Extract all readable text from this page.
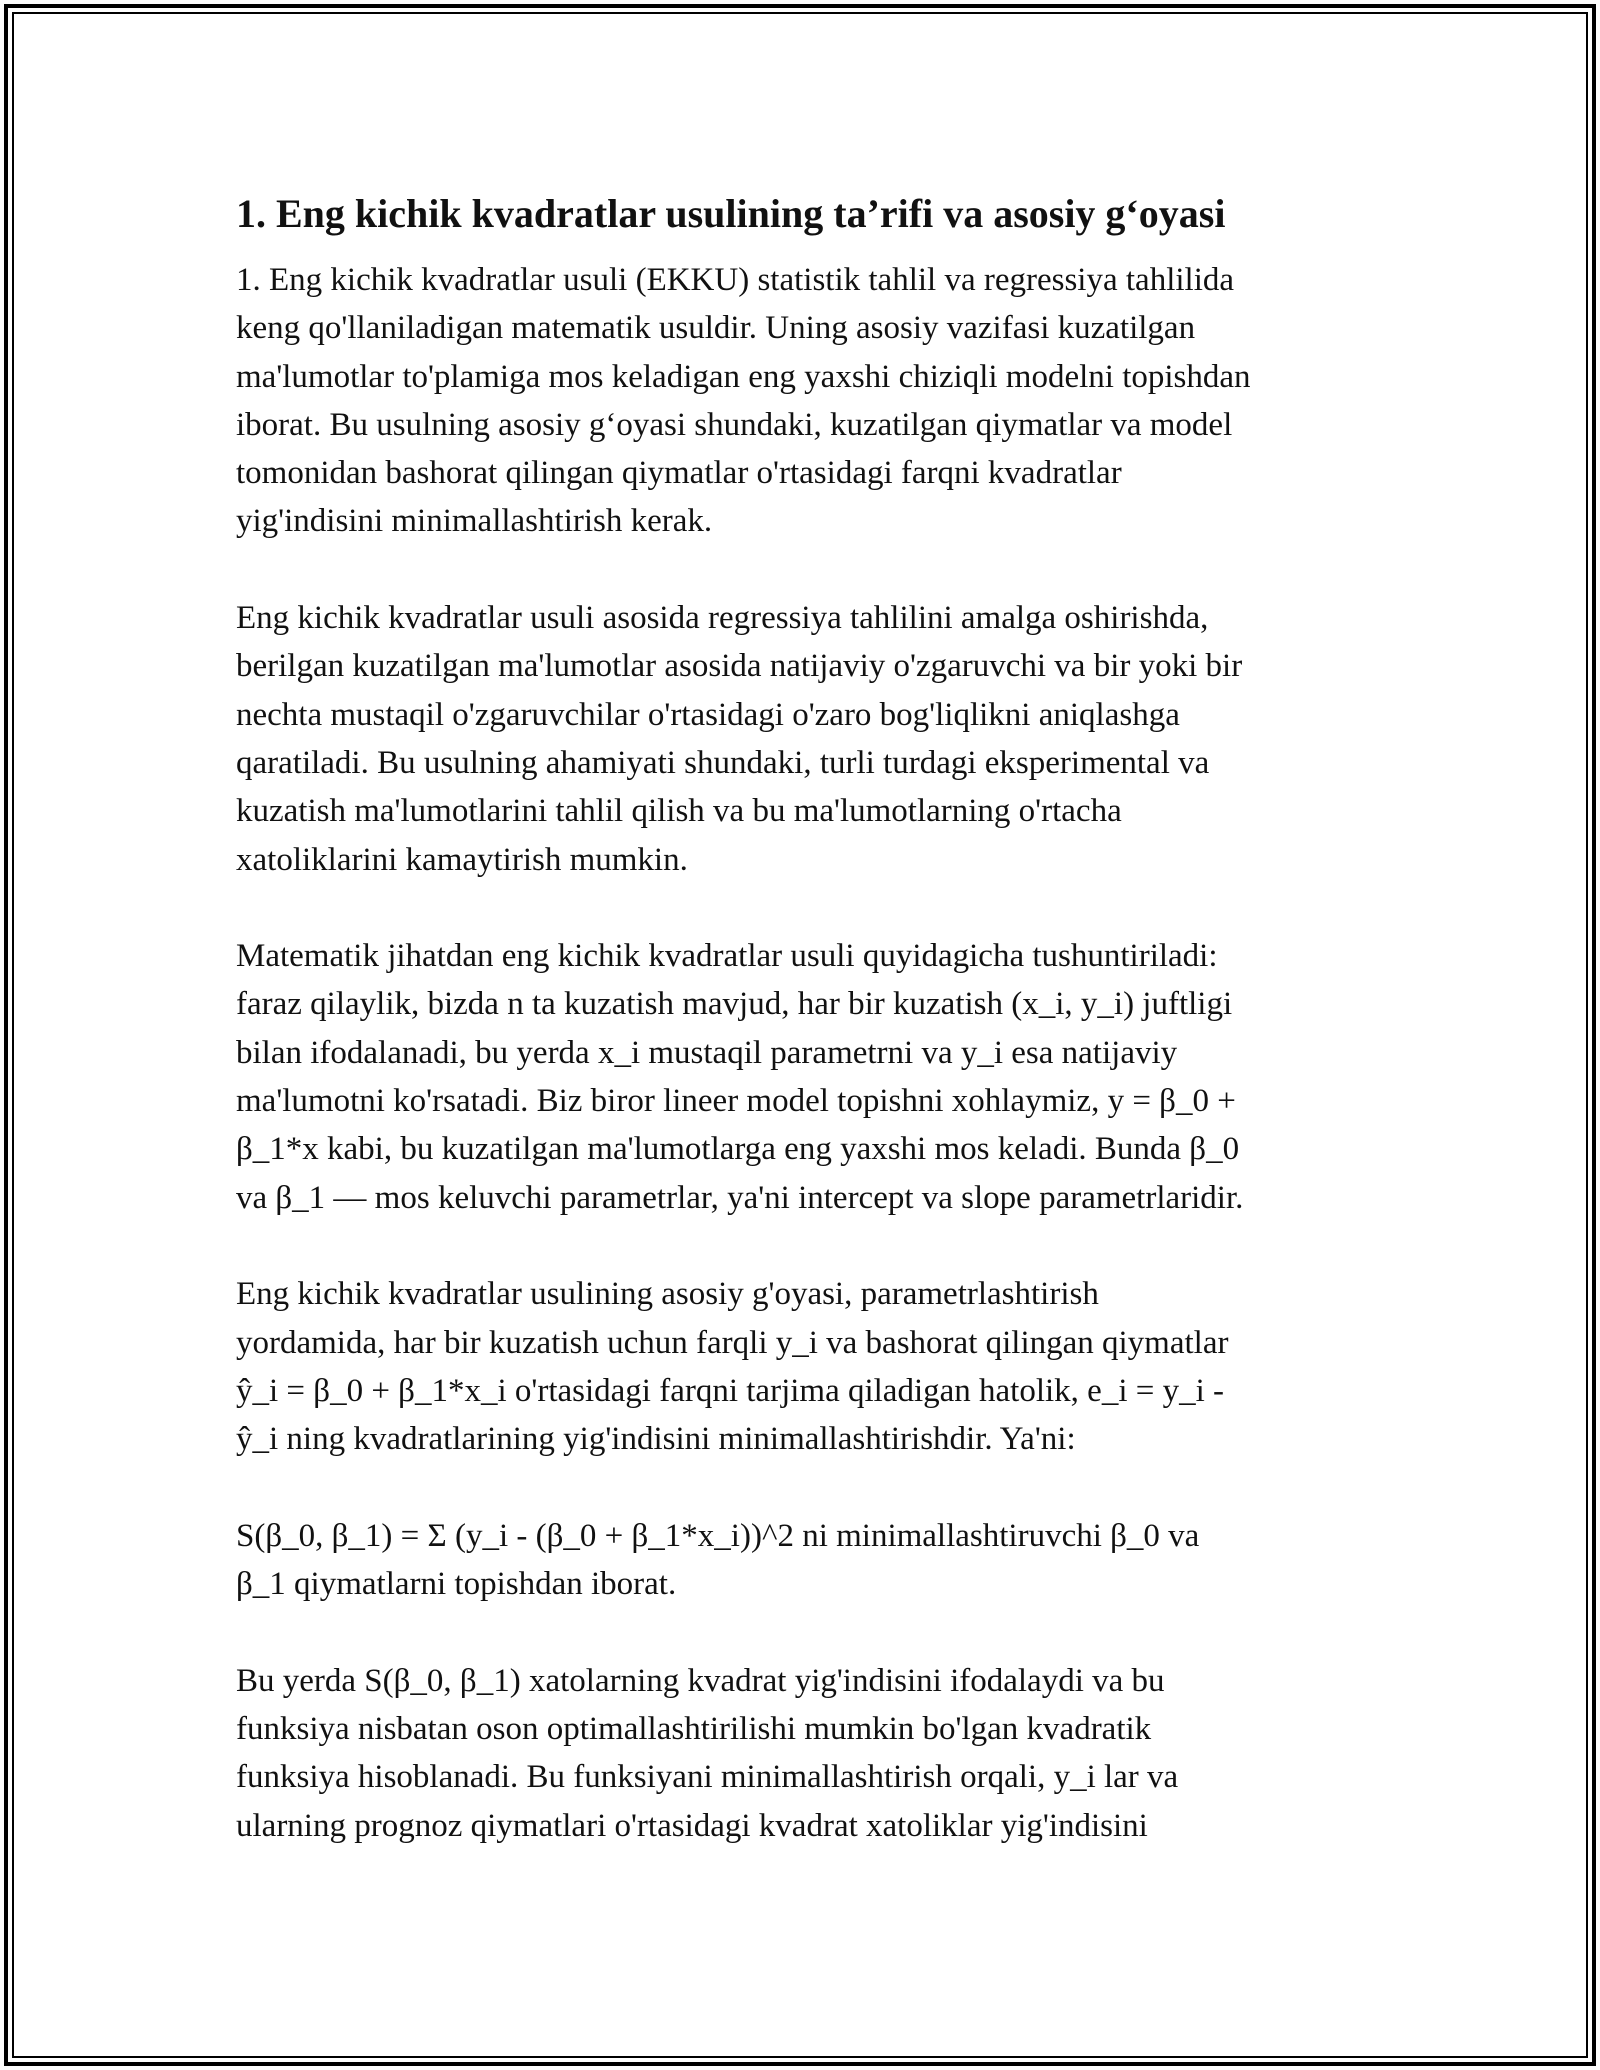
1. Eng kichik kvadratlar usulining ta’rifi va asosiy g‘oyasi

1. Eng kichik kvadratlar usuli (EKKU) statistik tahlil va regressiya tahlilida
keng qo'llaniladigan matematik usuldir. Uning asosiy vazifasi kuzatilgan
ma'lumotlar to'plamiga mos keladigan eng yaxshi chiziqli modelni topishdan
iborat. Bu usulning asosiy g‘oyasi shundaki, kuzatilgan qiymatlar va model
tomonidan bashorat qilingan qiymatlar o'rtasidagi farqni kvadratlar
yig'indisini minimallashtirish kerak.

Eng kichik kvadratlar usuli asosida regressiya tahlilini amalga oshirishda,
berilgan kuzatilgan ma'lumotlar asosida natijaviy o'zgaruvchi va bir yoki bir
nechta mustaqil o'zgaruvchilar o'rtasidagi o'zaro bog'liqlikni aniqlashga
qaratiladi. Bu usulning ahamiyati shundaki, turli turdagi eksperimental va
kuzatish ma'lumotlarini tahlil qilish va bu ma'lumotlarning o'rtacha
xatoliklarini kamaytirish mumkin.

Matematik jihatdan eng kichik kvadratlar usuli quyidagicha tushuntiriladi:
faraz qilaylik, bizda n ta kuzatish mavjud, har bir kuzatish (x_i, y_i) juftligi
bilan ifodalanadi, bu yerda x_i mustaqil parametrni va y_i esa natijaviy
ma'lumotni ko'rsatadi. Biz biror lineer model topishni xohlaymiz, y = β_0 +
β_1*x kabi, bu kuzatilgan ma'lumotlarga eng yaxshi mos keladi. Bunda β_0
va β_1 — mos keluvchi parametrlar, ya'ni intercept va slope parametrlaridir.

Eng kichik kvadratlar usulining asosiy g'oyasi, parametrlashtirish
yordamida, har bir kuzatish uchun farqli y_i va bashorat qilingan qiymatlar
ŷ_i = β_0 + β_1*x_i o'rtasidagi farqni tarjima qiladigan hatolik, e_i = y_i -
ŷ_i ning kvadratlarining yig'indisini minimallashtirishdir. Ya'ni:

S(β_0, β_1) = Σ (y_i - (β_0 + β_1*x_i))^2 ni minimallashtiruvchi β_0 va
β_1 qiymatlarni topishdan iborat.

Bu yerda S(β_0, β_1) xatolarning kvadrat yig'indisini ifodalaydi va bu
funksiya nisbatan oson optimallashtirilishi mumkin bo'lgan kvadratik
funksiya hisoblanadi. Bu funksiyani minimallashtirish orqali, y_i lar va
ularning prognoz qiymatlari o'rtasidagi kvadrat xatoliklar yig'indisini
